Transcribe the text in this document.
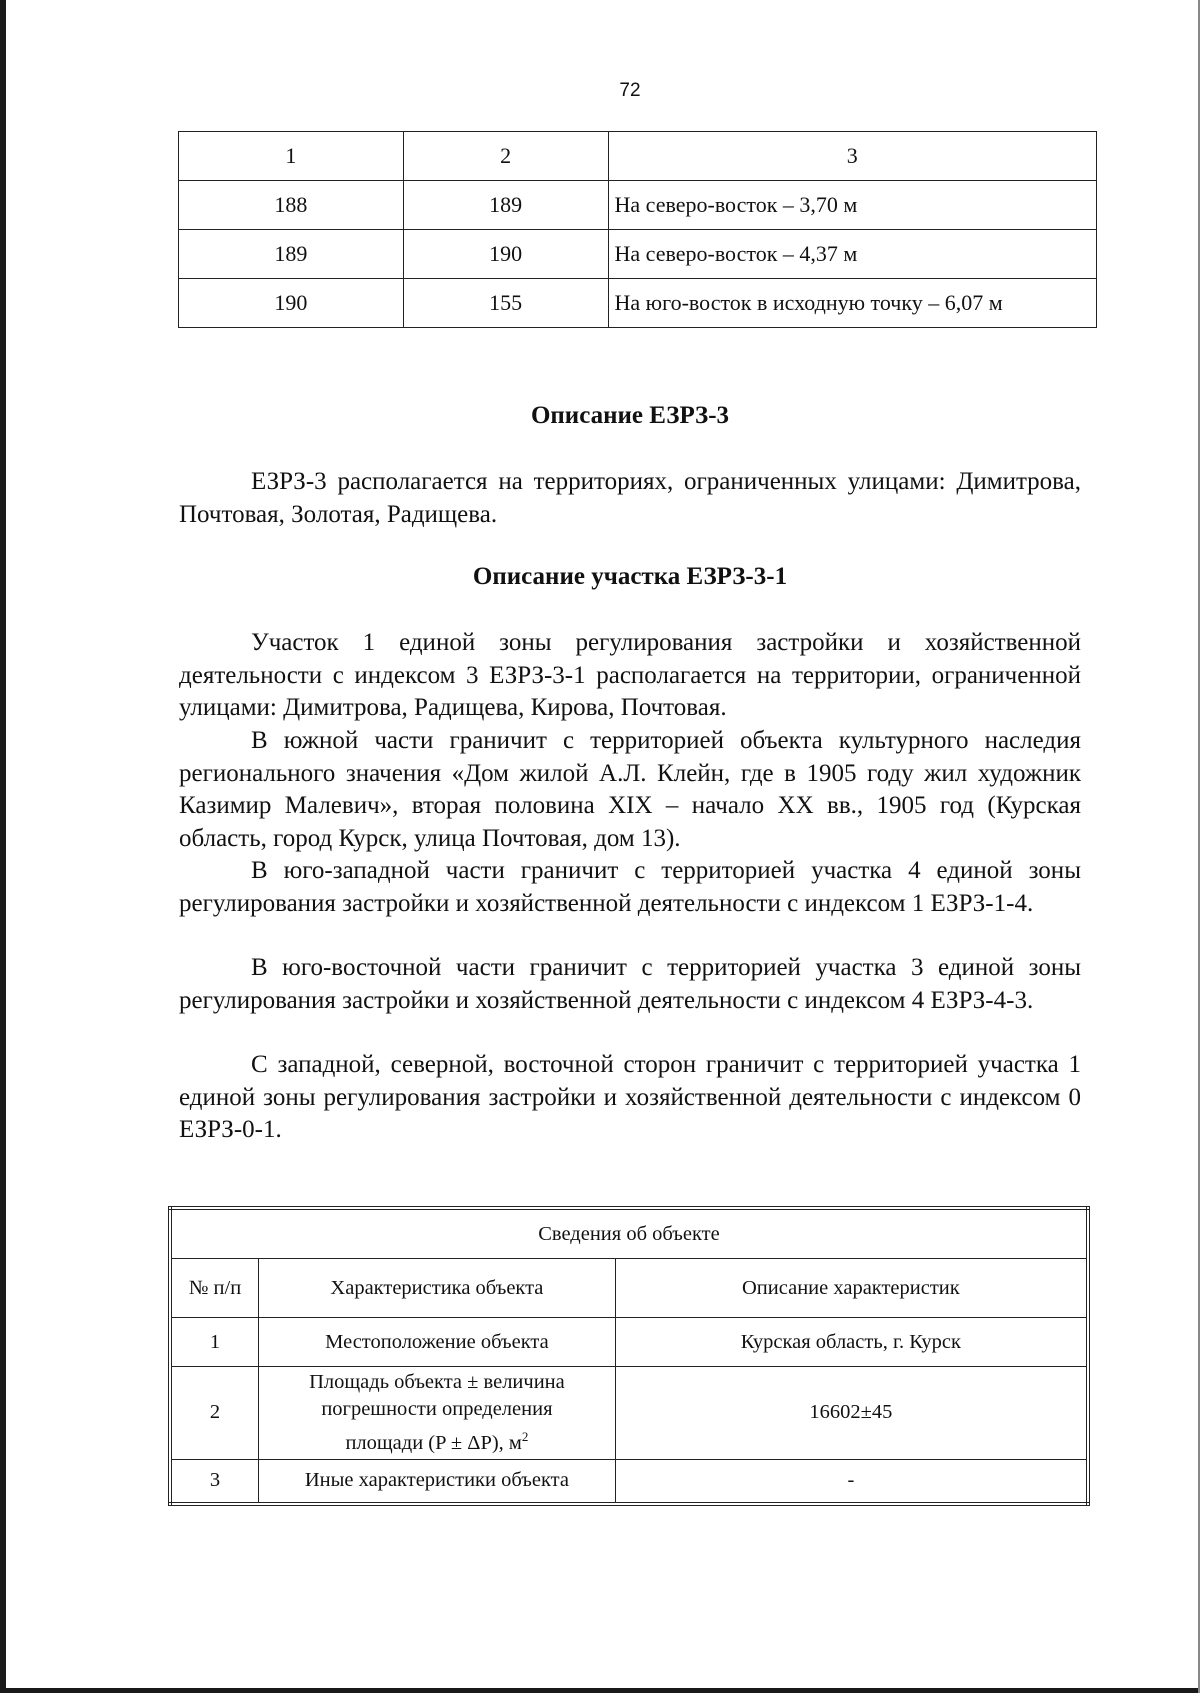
72
1	2	3
188	189	На северо-восток – 3,70 м
189	190	На северо-восток – 4,37 м
190	155	На юго-восток в исходную точку – 6,07 м
Описание ЕЗРЗ-3

ЕЗРЗ-3 располагается на территориях, ограниченных улицами: Димитрова, Почтовая, Золотая, Радищева.

Описание участка ЕЗРЗ-3-1

Участок 1 единой зоны регулирования застройки и хозяйственной деятельности с индексом 3 ЕЗРЗ-3-1 располагается на территории, ограниченной улицами: Димитрова, Радищева, Кирова, Почтовая.

В южной части граничит с территорией объекта культурного наследия регионального значения «Дом жилой А.Л. Клейн, где в 1905 году жил художник Казимир Малевич», вторая половина XIX – начало XX вв., 1905 год (Курская область, город Курск, улица Почтовая, дом 13).

В юго-западной части граничит с территорией участка 4 единой зоны регулирования застройки и хозяйственной деятельности с индексом 1 ЕЗРЗ-1-4.

В юго-восточной части граничит с территорией участка 3 единой зоны регулирования застройки и хозяйственной деятельности с индексом 4 ЕЗРЗ-4-3.

С западной, северной, восточной сторон граничит с территорией участка 1 единой зоны регулирования застройки и хозяйственной деятельности с индексом 0 ЕЗРЗ-0-1.

Сведения об объекте		
№ п/п	Характеристика объекта	Описание характеристик
1	Местоположение объекта	Курская область, г. Курск
2	Площадь объекта ± величина
погрешности определения
площади (P ± ΔP), $м^2$	16602±45
3	Иные характеристики объекта	-
